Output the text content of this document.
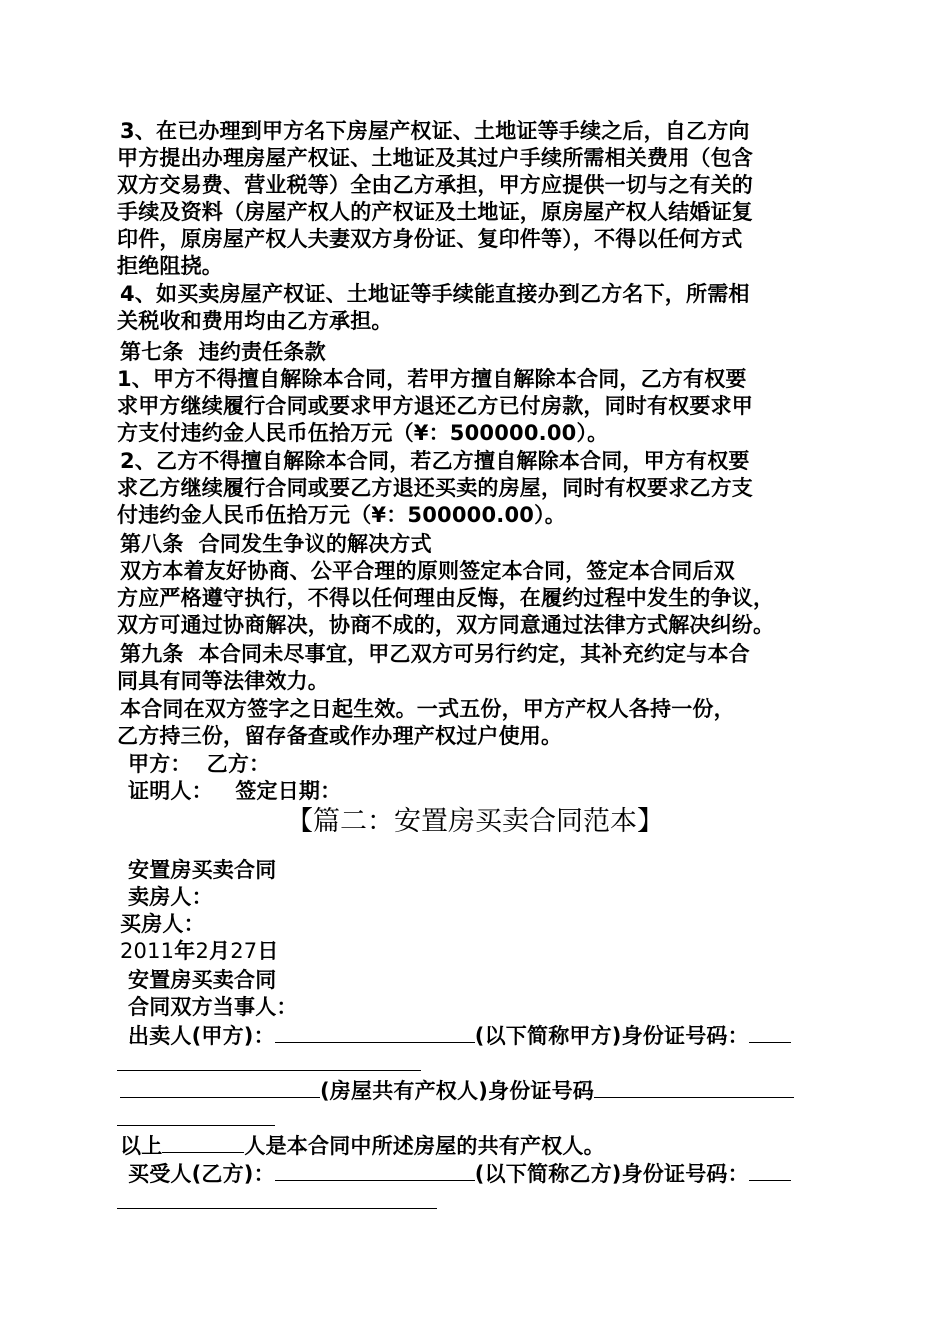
3、在已办理到甲方名下房屋产权证、土地证等手续之后，自乙方向
甲方提出办理房屋产权证、土地证及其过户手续所需相关费用（包含
双方交易费、营业税等）全由乙方承担，甲方应提供一切与之有关的
手续及资料（房屋产权人的产权证及土地证，原房屋产权人结婚证复
印件，原房屋产权人夫妻双方身份证、复印件等），不得以任何方式
拒绝阻挠。
4、如买卖房屋产权证、土地证等手续能直接办到乙方名下，所需相
关税收和费用均由乙方承担。
第七条  违约责任条款
1、甲方不得擅自解除本合同，若甲方擅自解除本合同，乙方有权要
求甲方继续履行合同或要求甲方退还乙方已付房款，同时有权要求甲
方支付违约金人民币伍拾万元（¥：500000.00）。
2、乙方不得擅自解除本合同，若乙方擅自解除本合同，甲方有权要
求乙方继续履行合同或要乙方退还买卖的房屋，同时有权要求乙方支
付违约金人民币伍拾万元（¥：500000.00）。
第八条  合同发生争议的解决方式
双方本着友好协商、公平合理的原则签定本合同，签定本合同后双
方应严格遵守执行，不得以任何理由反悔，在履约过程中发生的争议，
双方可通过协商解决，协商不成的，双方同意通过法律方式解决纠纷。
第九条  本合同未尽事宜，甲乙双方可另行约定，其补充约定与本合
同具有同等法律效力。
本合同在双方签字之日起生效。一式五份，甲方产权人各持一份，
乙方持三份，留存备查或作办理产权过户使用。
甲方：  乙方：
证明人：   签定日期：
【篇二：安置房买卖合同范本】
安置房买卖合同
卖房人：
买房人：
2011年2月27日
安置房买卖合同
合同双方当事人：
出卖人(甲方)：	(以下简称甲方)身份证号码：
(房屋共有产权人)身份证号码
以上	人是本合同中所述房屋的共有产权人。
买受人(乙方)：	(以下简称乙方)身份证号码：
